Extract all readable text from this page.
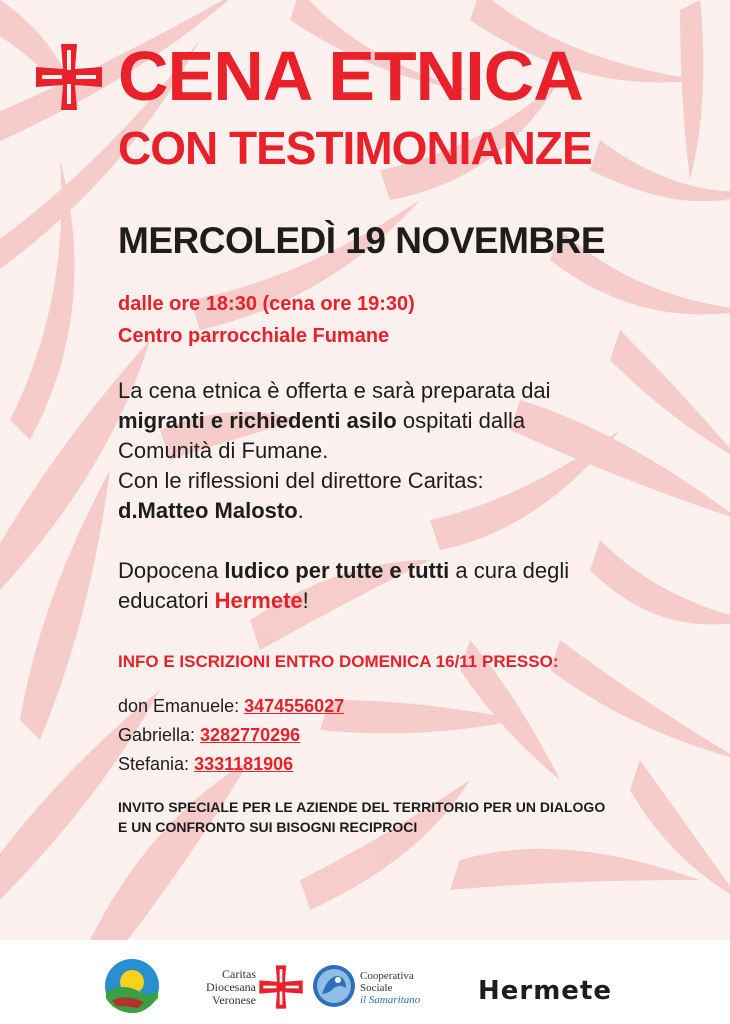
CENA ETNICA
CON TESTIMONIANZE
MERCOLEDÌ 19 NOVEMBRE
dalle ore 18:30 (cena ore 19:30)
Centro parrocchiale Fumane
La cena etnica è offerta e sarà preparata dai
migranti e richiedenti asilo ospitati dalla
Comunità di Fumane.
Con le riflessioni del direttore Caritas:
d.Matteo Malosto.
Dopocena ludico per tutte e tutti a cura degli
educatori Hermete!
INFO E ISCRIZIONI ENTRO DOMENICA 16/11 PRESSO:
don Emanuele: 3474556027
Gabriella: 3282770296
Stefania: 3331181906
INVITO SPECIALE PER LE AZIENDE DEL TERRITORIO PER UN DIALOGO
E UN CONFRONTO SUI BISOGNI RECIPROCI
Caritas
Diocesana
Veronese
Cooperativa
Sociale
il Samaritano Hermete
